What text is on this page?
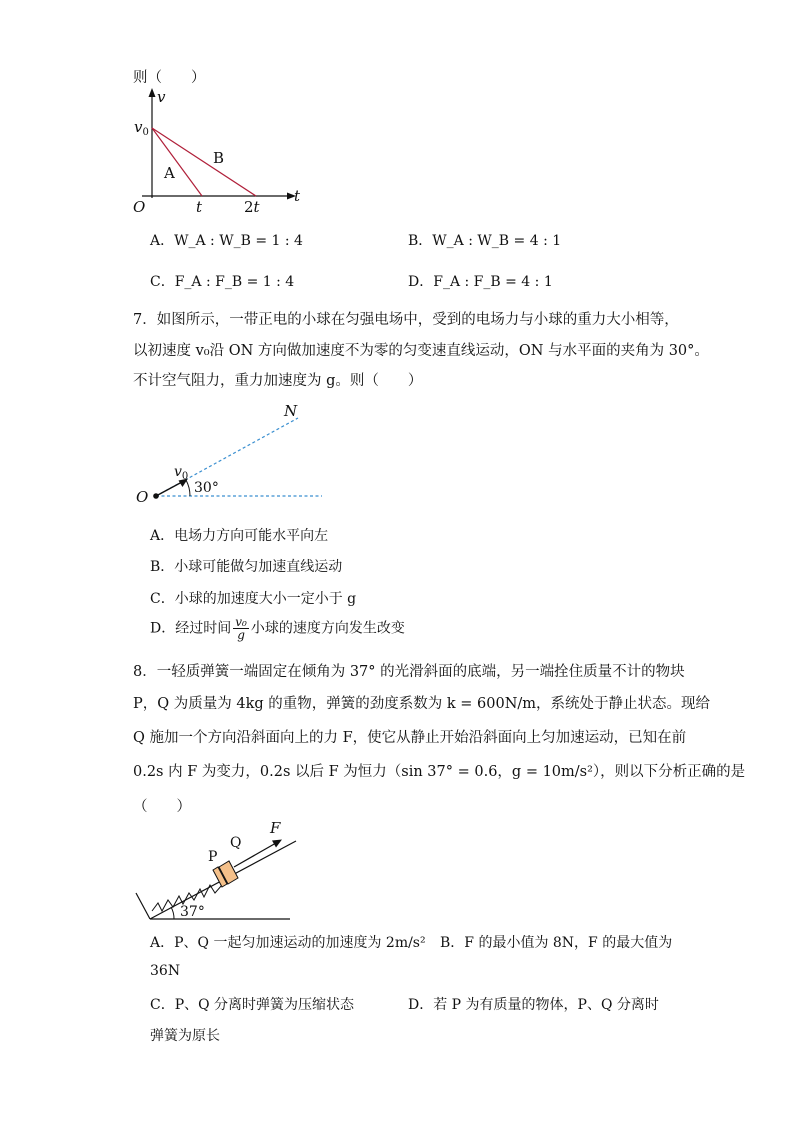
则（　　）
v
t
$v_0$
O	t	2t
A
B
A．W_A : W_B = 1 : 4	B．W_A : W_B = 4 : 1
C．F_A : F_B = 1 : 4	D．F_A : F_B = 4 : 1
7．如图所示，一带正电的小球在匀强电场中，受到的电场力与小球的重力大小相等，
以初速度 v₀沿 ON 方向做加速度不为零的匀变速直线运动，ON 与水平面的夹角为 30°。
不计空气阻力，重力加速度为 g。则（　　）
N
O
$v_0$
30°
A．电场力方向可能水平向左
B．小球可能做匀加速直线运动
C．小球的加速度大小一定小于 g
D．经过时间 $\frac{\text{v₀}}{g}$ 小球的速度方向发生改变
8．一轻质弹簧一端固定在倾角为 37° 的光滑斜面的底端，另一端拴住质量不计的物块
P，Q 为质量为 4kg 的重物，弹簧的劲度系数为 k = 600N/m，系统处于静止状态。现给
Q 施加一个方向沿斜面向上的力 F，使它从静止开始沿斜面向上匀加速运动，已知在前
0.2s 内 F 为变力，0.2s 以后 F 为恒力（sin 37° = 0.6，g = 10m/s²），则以下分析正确的是
（　　）
P
Q
F
37°
A．P、Q 一起匀加速运动的加速度为 2m/s² B．F 的最小值为 8N，F 的最大值为
36N
C．P、Q 分离时弹簧为压缩状态	D．若 P 为有质量的物体，P、Q 分离时
弹簧为原长
